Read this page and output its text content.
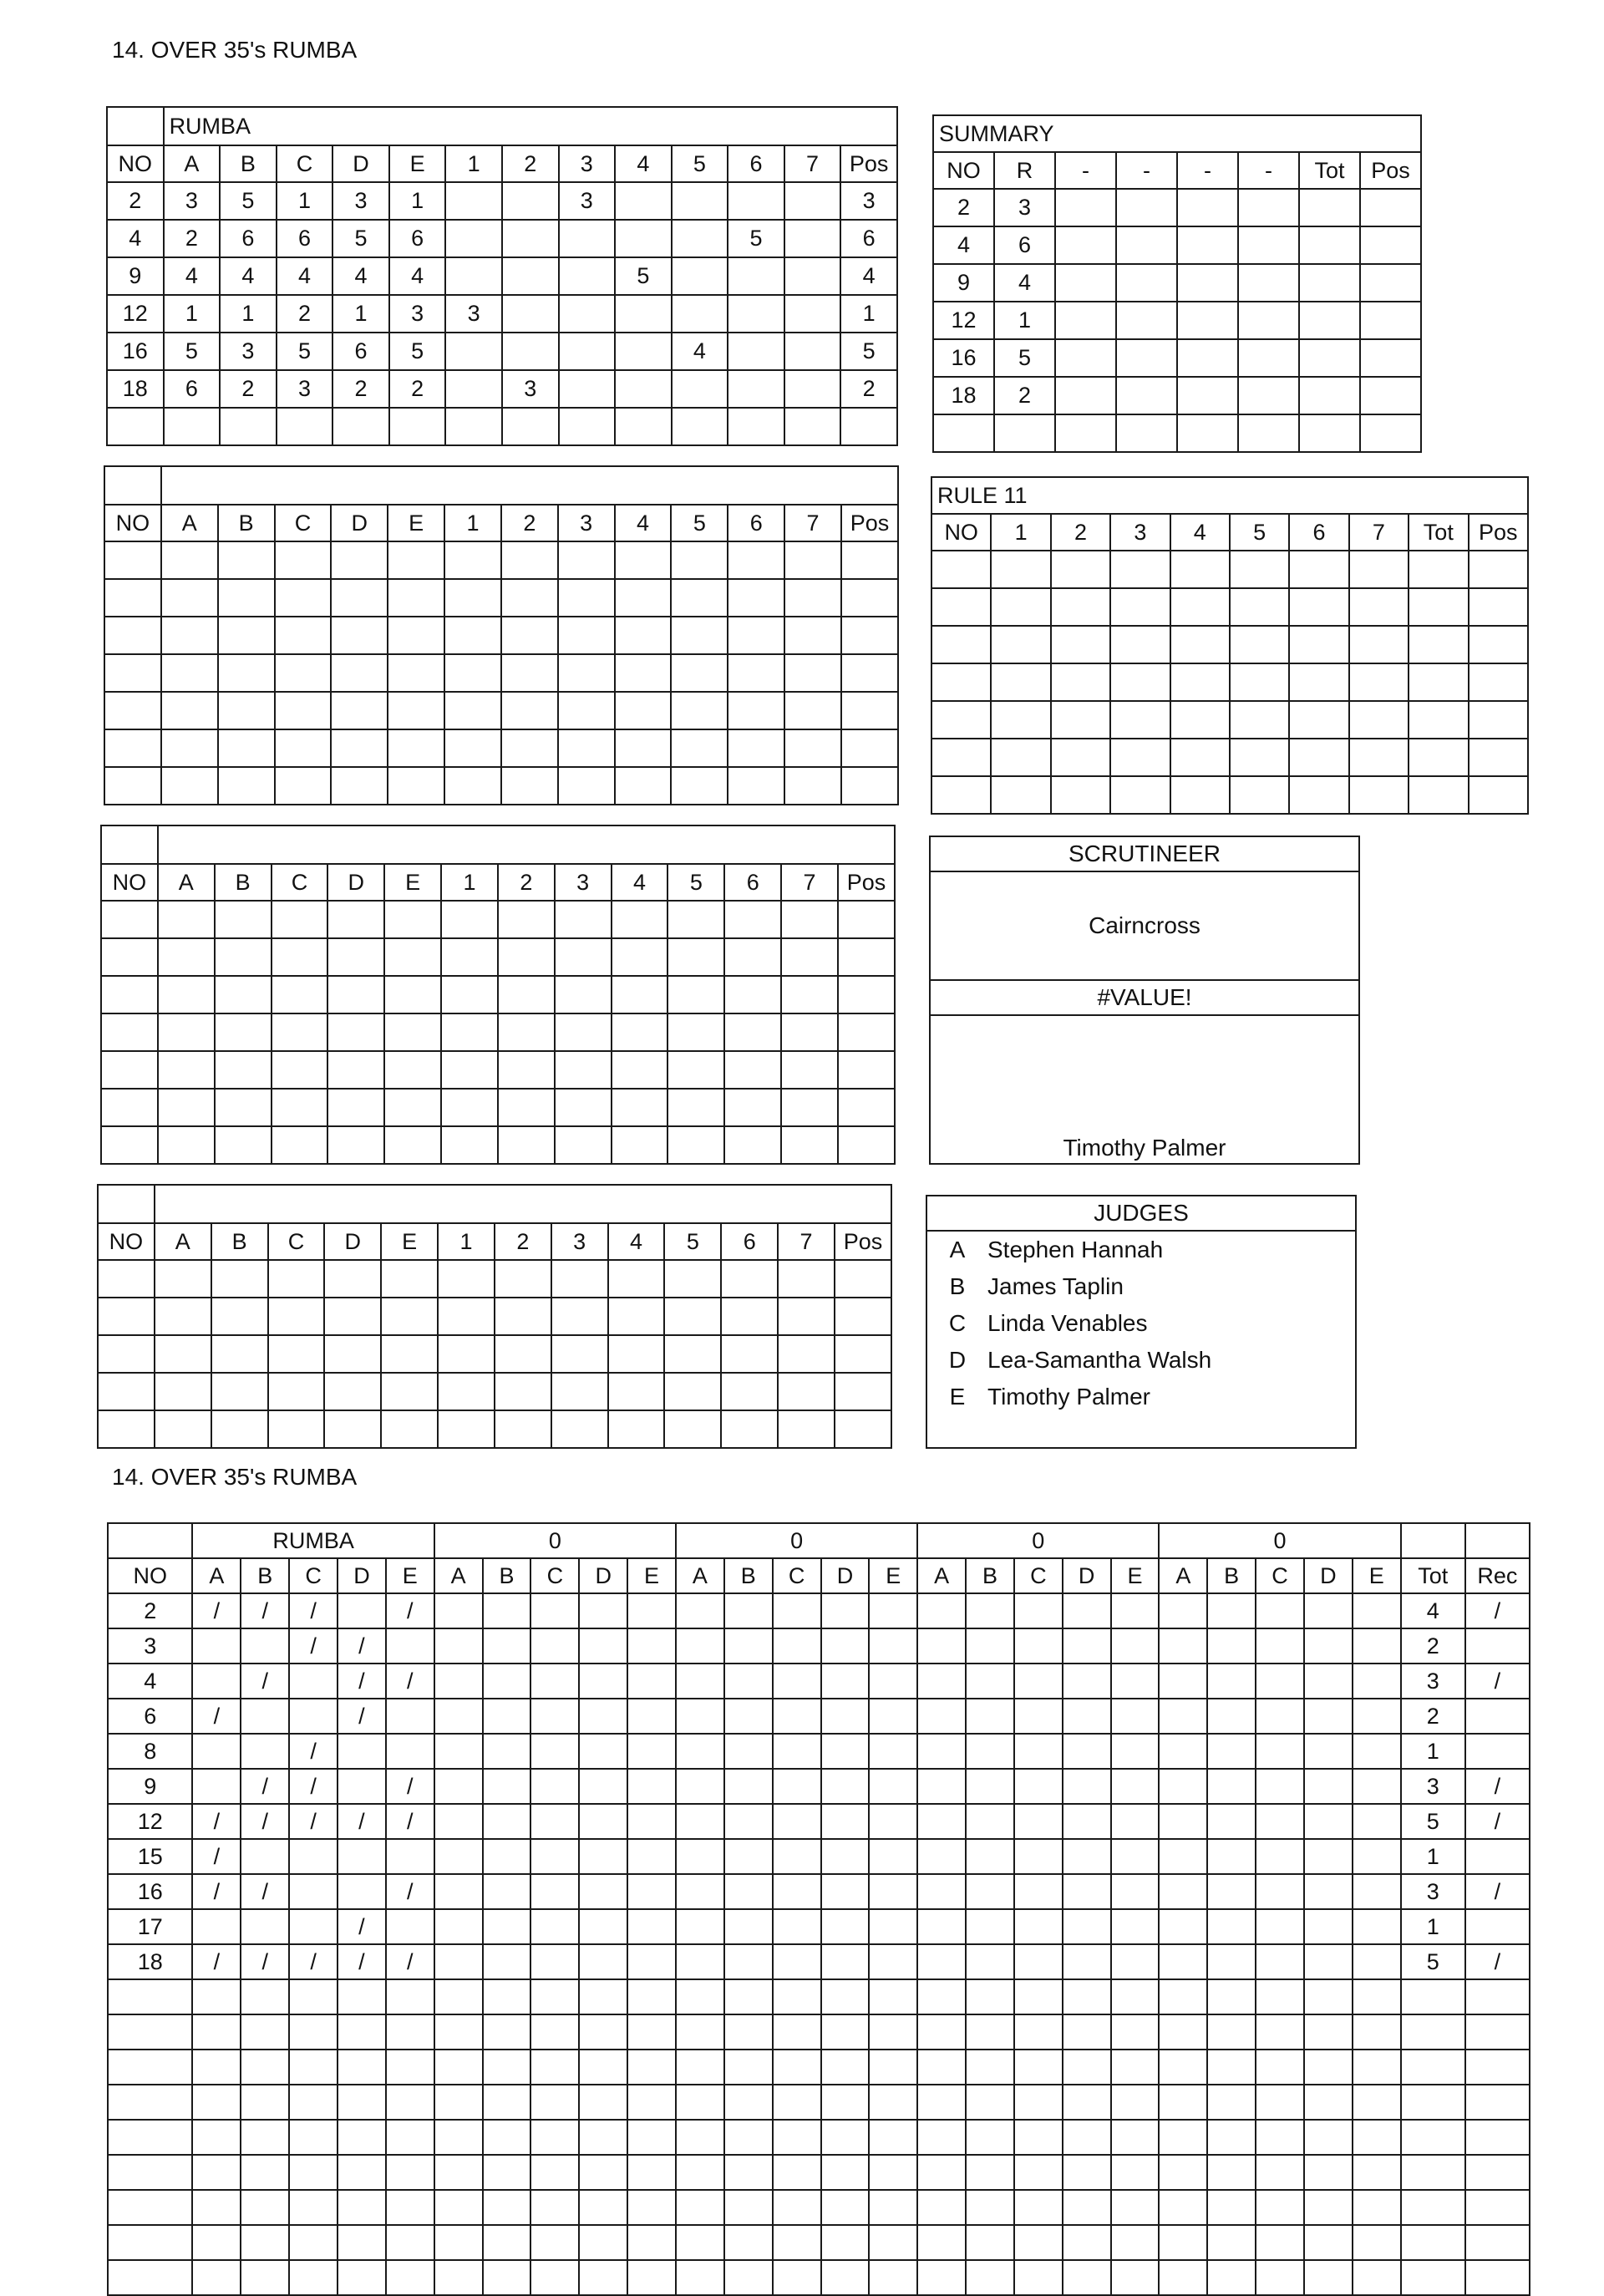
14. OVER 35's RUMBA
	RUMBA												
NO	A	B	C	D	E	1	2	3	4	5	6	7	Pos
2	3	5	1	3	1			3					3
4	2	6	6	5	6						5		6
9	4	4	4	4	4				5				4
12	1	1	2	1	3	3							1
16	5	3	5	6	5					4			5
18	6	2	3	2	2		3						2

SUMMARY							
NO	R	-	-	-	-	Tot	Pos
2	3						
4	6						
9	4						
12	1						
16	5						
18	2						

NO	A	B	C	D	E	1	2	3	4	5	6	7	Pos

RULE 11									
NO	1	2	3	4	5	6	7	Tot	Pos

NO	A	B	C	D	E	1	2	3	4	5	6	7	Pos

SCRUTINEER
Cairncross
#VALUE!
Timothy Palmer

NO	A	B	C	D	E	1	2	3	4	5	6	7	Pos

JUDGES
A Stephen Hannah
B James Taplin
C Linda Venables
D Lea-Samantha Walsh
E Timothy Palmer
14. OVER 35's RUMBA
	RUMBA					0					0					0					0						
NO	A	B	C	D	E	A	B	C	D	E	A	B	C	D	E	A	B	C	D	E	A	B	C	D	E	Tot	Rec
2	/	/	/		/																					4	/
3			/	/																						2	
4		/		/	/																					3	/
6	/			/																						2	
8			/																							1	
9		/	/		/																					3	/
12	/	/	/	/	/																					5	/
15	/																									1	
16	/	/			/																					3	/
17				/																						1	
18	/	/	/	/	/																					5	/
